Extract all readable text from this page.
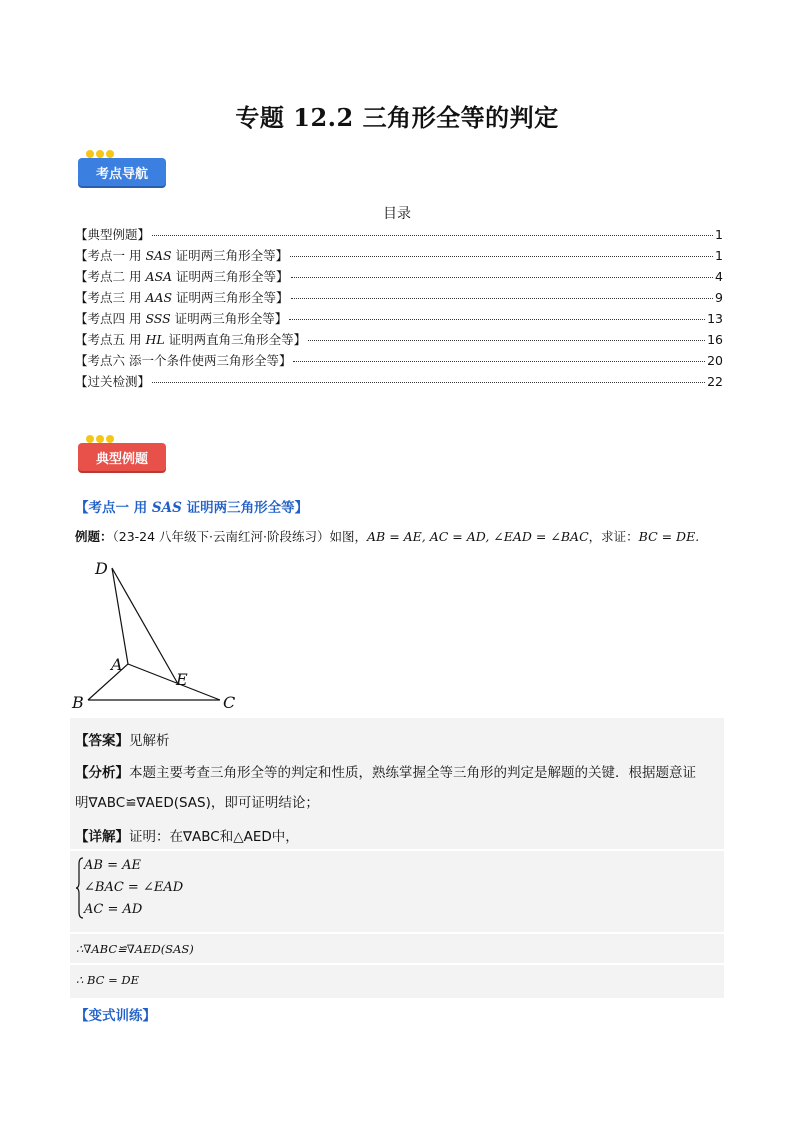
专题 12.2 三角形全等的判定
考点导航
目录
【典型例题】	1
【考点一 用 SAS 证明两三角形全等】	1
【考点二 用 ASA 证明两三角形全等】	4
【考点三 用 AAS 证明两三角形全等】	9
【考点四 用 SSS 证明两三角形全等】	13
【考点五 用 HL 证明两直角三角形全等】	16
【考点六 添一个条件使两三角形全等】	20
【过关检测】	22
典型例题
【考点一 用 SAS 证明两三角形全等】
例题：（23-24 八年级下·云南红河·阶段练习）如图，AB = AE, AC = AD, ∠EAD = ∠BAC，求证：BC = DE.
D
A
E
B	C
【答案】见解析
【分析】本题主要考查三角形全等的判定和性质，熟练掌握全等三角形的判定是解题的关键．根据题意证
明∇ABC≌∇AED(SAS)，即可证明结论；
【详解】证明：在∇ABC和△AED中，
AB = AE
∠BAC = ∠EAD
AC = AD
∴∇ABC≌∇AED(SAS)
∴ BC = DE
【变式训练】
